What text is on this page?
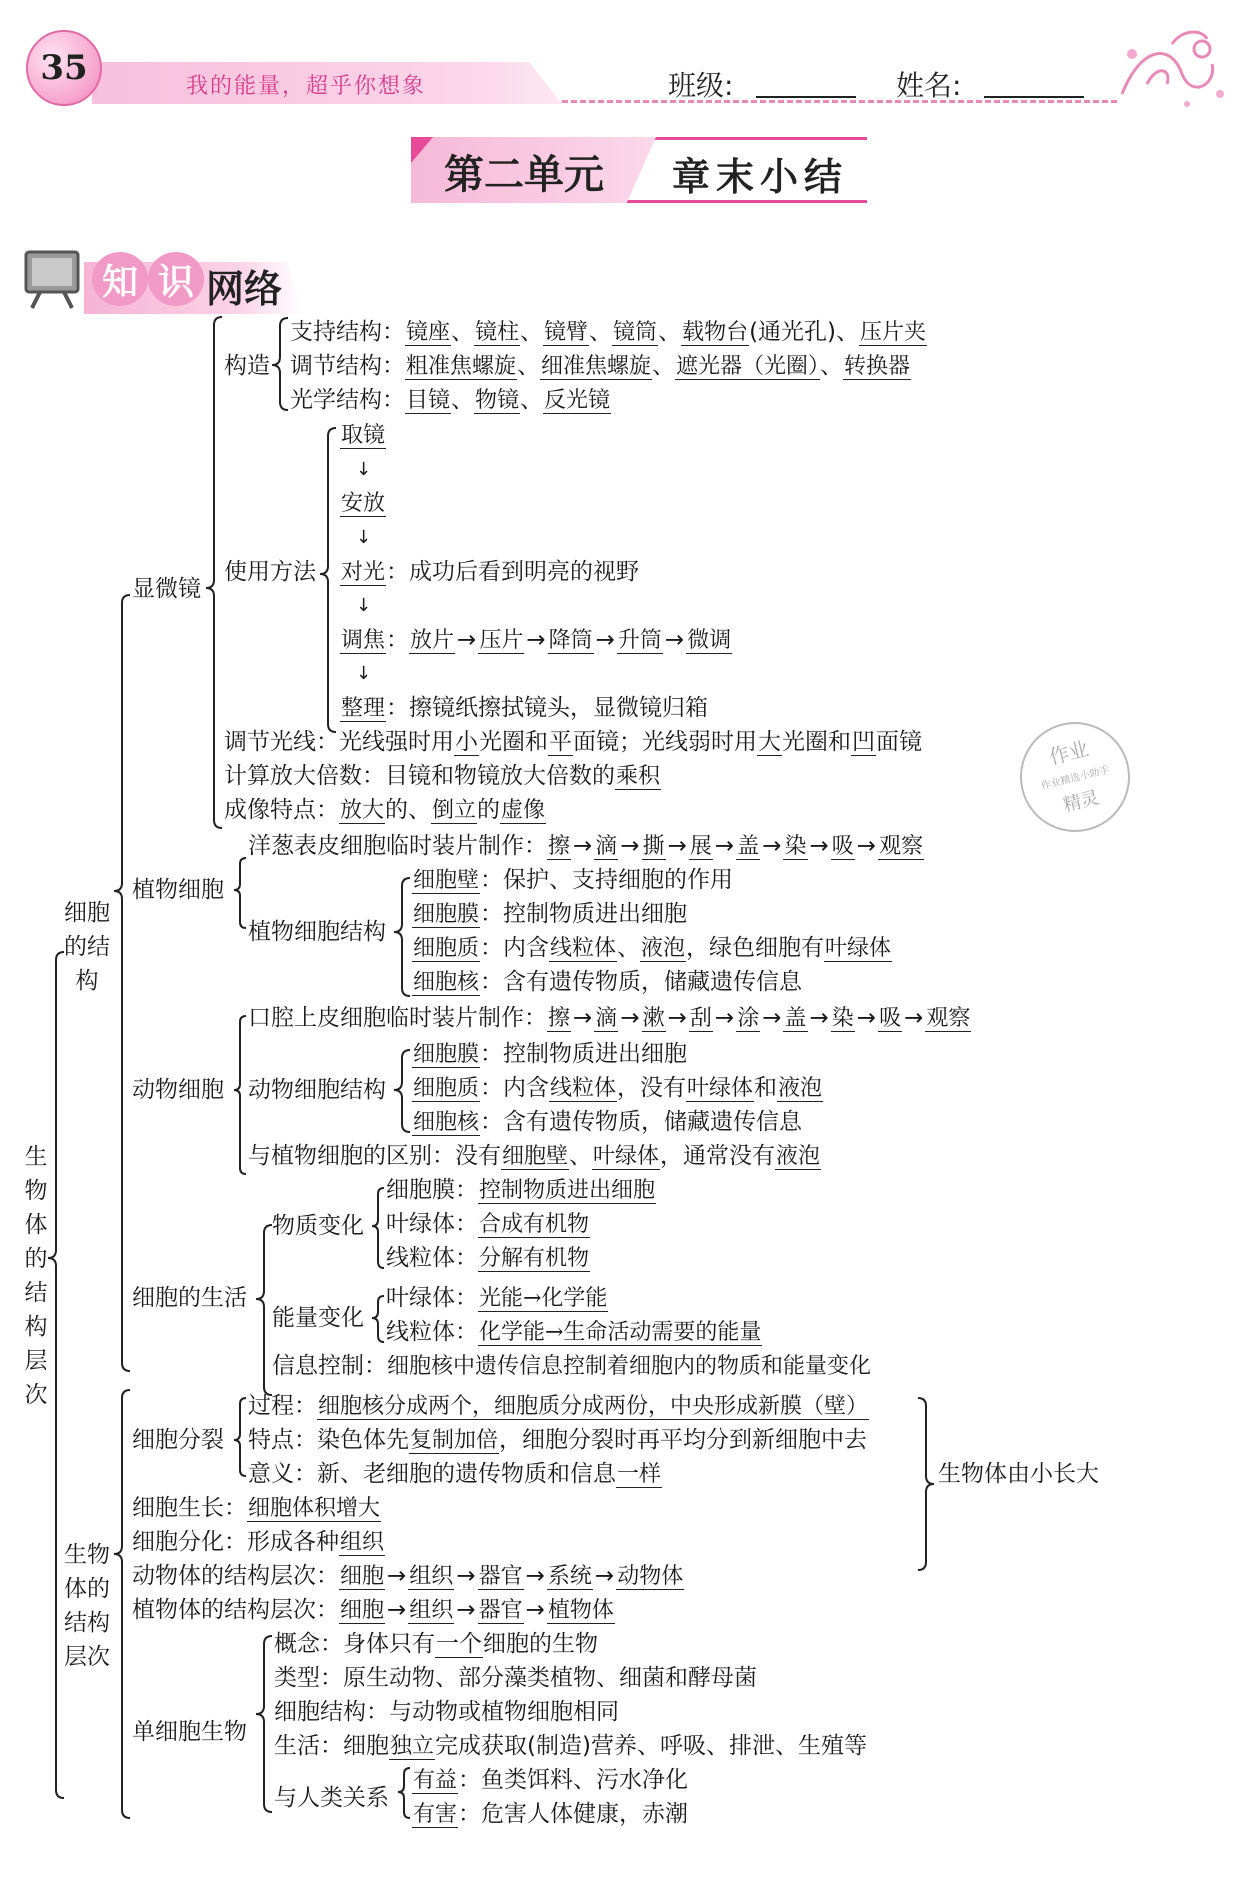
35	我的能量，超乎你想象	班级:	姓名:
第二单元 章末小结
知 识 网络
生物体的结构层次
细胞的结构
生物体的结构层次
显微镜
构造
支持结构：镜座、镜柱、镜臂、镜筒、载物台(通光孔)、压片夹
调节结构：粗准焦螺旋、细准焦螺旋、遮光器（光圈）、转换器
光学结构：目镜、物镜、反光镜
使用方法
取镜
↓
安放
↓
对光：成功后看到明亮的视野
↓
调焦：放片 → 压片 → 降筒 → 升筒 → 微调
↓
整理：擦镜纸擦拭镜头，显微镜归箱
调节光线：光线强时用小光圈和平面镜；光线弱时用大光圈和凹面镜
计算放大倍数：目镜和物镜放大倍数的乘积
成像特点：放大的、倒立的虚像
作业
作业精选小助手
精灵
植物细胞
洋葱表皮细胞临时装片制作：擦 → 滴 → 撕 → 展 → 盖 → 染 → 吸 → 观察
植物细胞结构
细胞壁：保护、支持细胞的作用
细胞膜：控制物质进出细胞
细胞质：内含线粒体、液泡，绿色细胞有叶绿体
细胞核：含有遗传物质，储藏遗传信息
动物细胞
口腔上皮细胞临时装片制作：擦 → 滴 → 漱 → 刮 → 涂 → 盖 → 染 → 吸 → 观察
动物细胞结构
细胞膜：控制物质进出细胞
细胞质：内含线粒体，没有叶绿体和液泡
细胞核：含有遗传物质，储藏遗传信息
与植物细胞的区别：没有细胞壁、叶绿体，通常没有液泡
细胞的生活
物质变化
细胞膜：控制物质进出细胞
叶绿体：合成有机物
线粒体：分解有机物
能量变化
叶绿体：光能→化学能
线粒体：化学能→生命活动需要的能量
信息控制：细胞核中遗传信息控制着细胞内的物质和能量变化
细胞分裂
过程：细胞核分成两个，细胞质分成两份，中央形成新膜（壁）
特点：染色体先复制加倍，细胞分裂时再平均分到新细胞中去
意义：新、老细胞的遗传物质和信息一样	生物体由小长大
细胞生长：细胞体积增大
细胞分化：形成各种组织
动物体的结构层次：细胞 → 组织 → 器官 → 系统 → 动物体
植物体的结构层次：细胞 → 组织 → 器官 → 植物体
单细胞生物
概念：身体只有一个细胞的生物
类型：原生动物、部分藻类植物、细菌和酵母菌
细胞结构：与动物或植物细胞相同
生活：细胞独立完成获取(制造)营养、呼吸、排泄、生殖等
与人类关系
有益：鱼类饵料、污水净化
有害：危害人体健康，赤潮
